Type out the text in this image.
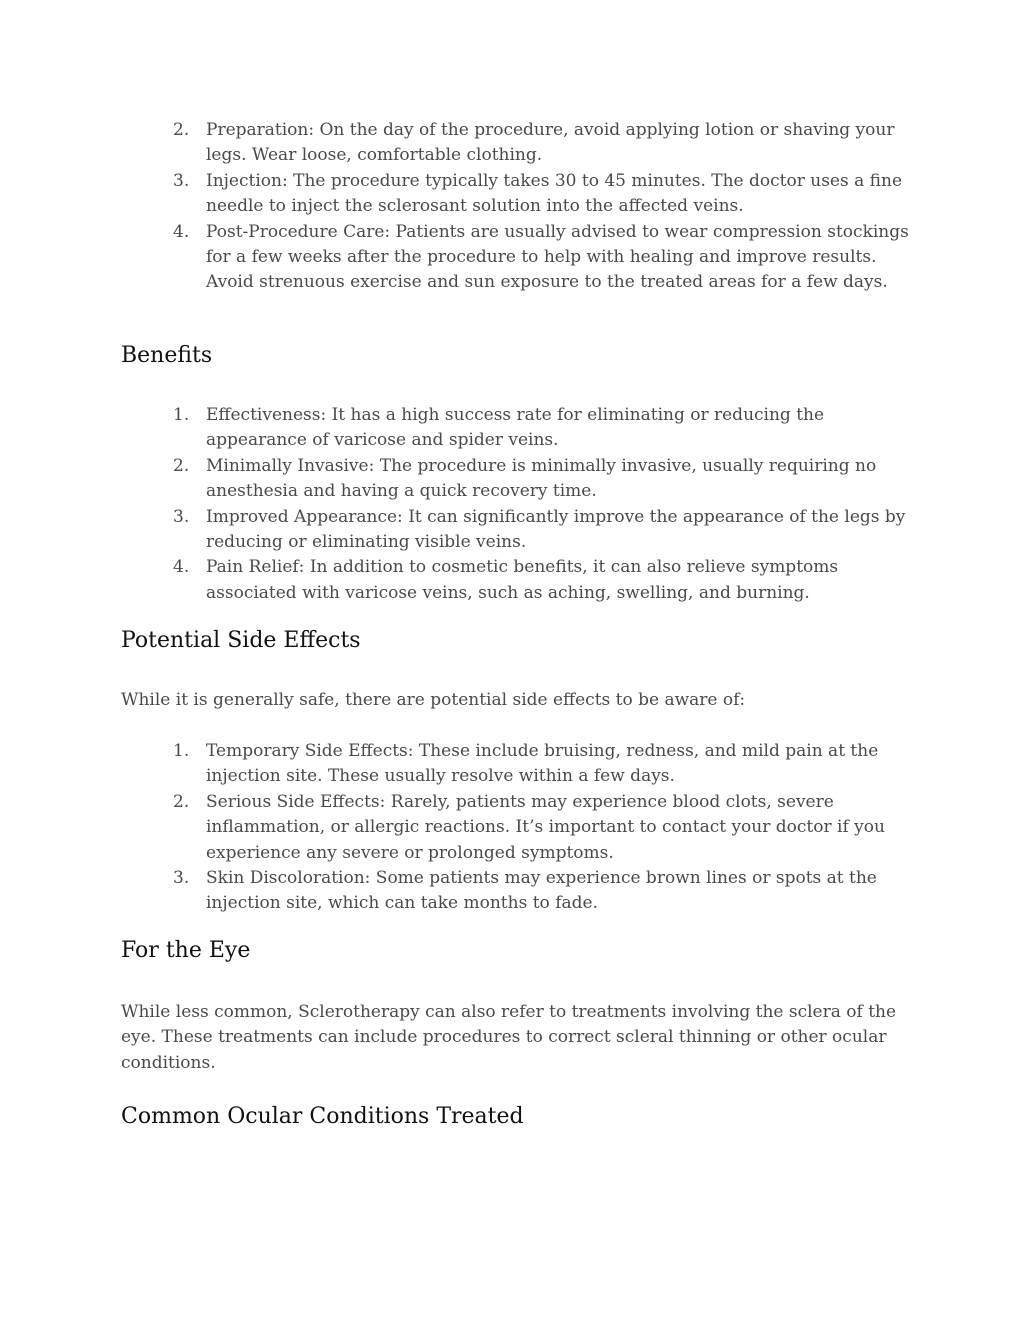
2. Preparation: On the day of the procedure, avoid applying lotion or shaving your legs. Wear loose, comfortable clothing.
3. Injection: The procedure typically takes 30 to 45 minutes. The doctor uses a fine needle to inject the sclerosant solution into the affected veins.
4. Post-Procedure Care: Patients are usually advised to wear compression stockings for a few weeks after the procedure to help with healing and improve results. Avoid strenuous exercise and sun exposure to the treated areas for a few days.
Benefits
1. Effectiveness: It has a high success rate for eliminating or reducing the appearance of varicose and spider veins.
2. Minimally Invasive: The procedure is minimally invasive, usually requiring no anesthesia and having a quick recovery time.
3. Improved Appearance: It can significantly improve the appearance of the legs by reducing or eliminating visible veins.
4. Pain Relief: In addition to cosmetic benefits, it can also relieve symptoms associated with varicose veins, such as aching, swelling, and burning.
Potential Side Effects

While it is generally safe, there are potential side effects to be aware of:

1. Temporary Side Effects: These include bruising, redness, and mild pain at the injection site. These usually resolve within a few days.
2. Serious Side Effects: Rarely, patients may experience blood clots, severe inflammation, or allergic reactions. It’s important to contact your doctor if you experience any severe or prolonged symptoms.
3. Skin Discoloration: Some patients may experience brown lines or spots at the injection site, which can take months to fade.
For the Eye

While less common, Sclerotherapy can also refer to treatments involving the sclera of the eye. These treatments can include procedures to correct scleral thinning or other ocular conditions.

Common Ocular Conditions Treated
